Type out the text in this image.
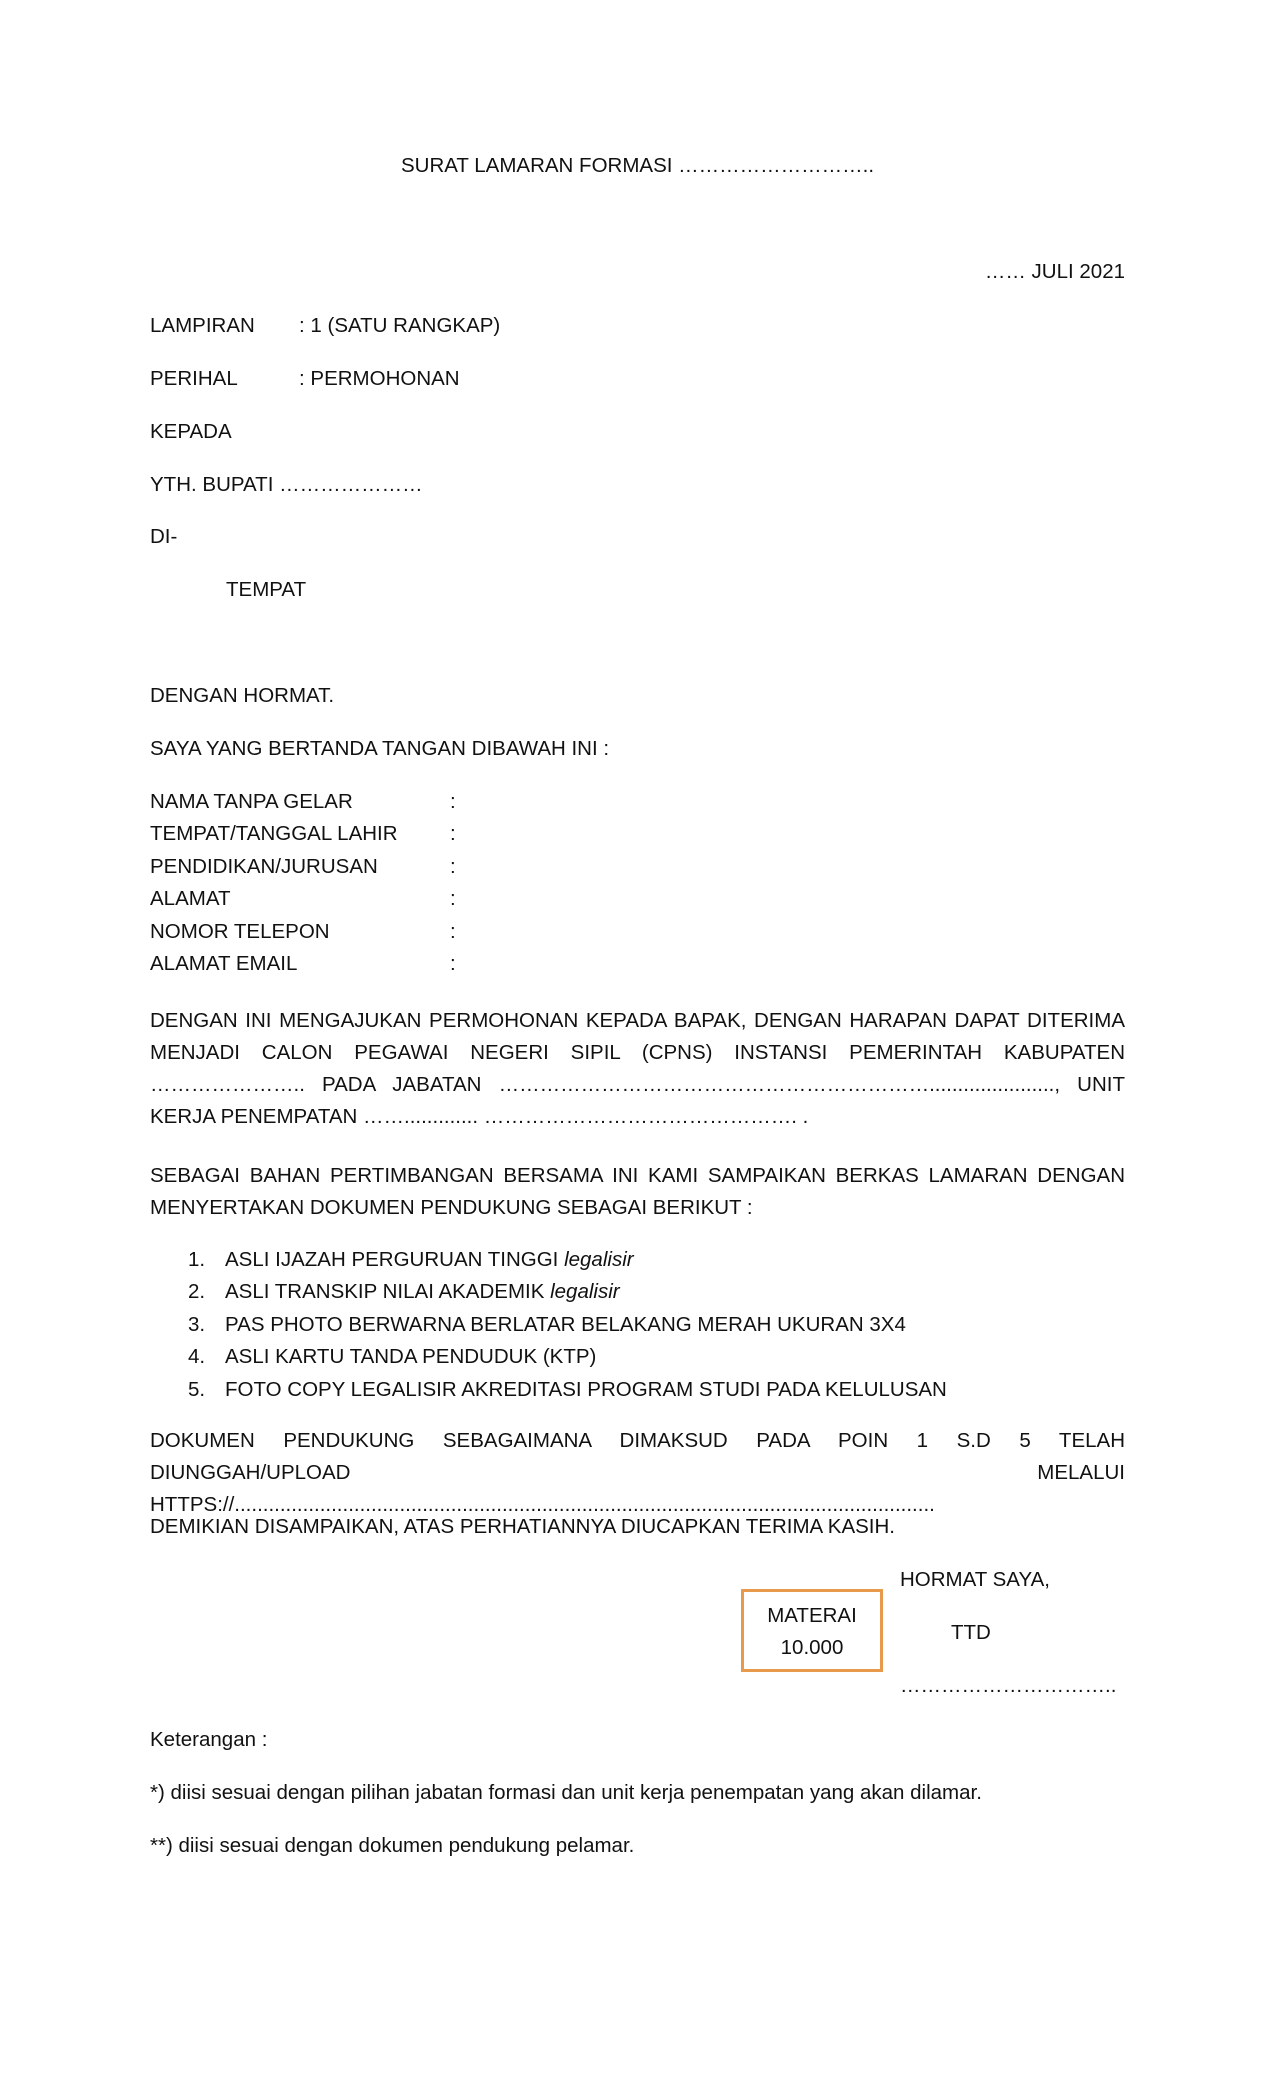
SURAT LAMARAN FORMASI ………………………..
…… JULI 2021
LAMPIRAN : 1 (SATU RANGKAP)
PERIHAL	: PERMOHONAN
KEPADA
YTH. BUPATI …………………
DI-
TEMPAT
DENGAN HORMAT.
SAYA YANG BERTANDA TANGAN DIBAWAH INI :
NAMA TANPA GELAR	:
TEMPAT/TANGGAL LAHIR	:
PENDIDIKAN/JURUSAN	:
ALAMAT	:
NOMOR TELEPON	:
ALAMAT EMAIL	:
DENGAN INI MENGAJUKAN PERMOHONAN KEPADA BAPAK, DENGAN HARAPAN DAPAT DITERIMA MENJADI CALON PEGAWAI NEGERI SIPIL (CPNS) INSTANSI PEMERINTAH KABUPATEN ………………….. PADA JABATAN ………………………………………………………......................, UNIT KERJA PENEMPATAN ……............. ………………………………………. .
SEBAGAI BAHAN PERTIMBANGAN BERSAMA INI KAMI SAMPAIKAN BERKAS LAMARAN DENGAN MENYERTAKAN DOKUMEN PENDUKUNG SEBAGAI BERIKUT :
1. ASLI IJAZAH PERGURUAN TINGGI legalisir
2. ASLI TRANSKIP NILAI AKADEMIK legalisir
3. PAS PHOTO BERWARNA BERLATAR BELAKANG MERAH UKURAN 3X4
4. ASLI KARTU TANDA PENDUDUK (KTP)
5. FOTO COPY LEGALISIR AKREDITASI PROGRAM STUDI PADA KELULUSAN
DOKUMEN PENDUKUNG SEBAGAIMANA DIMAKSUD PADA POIN 1 S.D 5 TELAH DIUNGGAH/UPLOAD MELALUI HTTPS://...........................................................................................................................
DEMIKIAN DISAMPAIKAN, ATAS PERHATIANNYA DIUCAPKAN TERIMA KASIH.
HORMAT SAYA,
MATERAI
10.000
TTD
…………………………..
Keterangan :
*) diisi sesuai dengan pilihan jabatan formasi dan unit kerja penempatan yang akan dilamar.
**) diisi sesuai dengan dokumen pendukung pelamar.
